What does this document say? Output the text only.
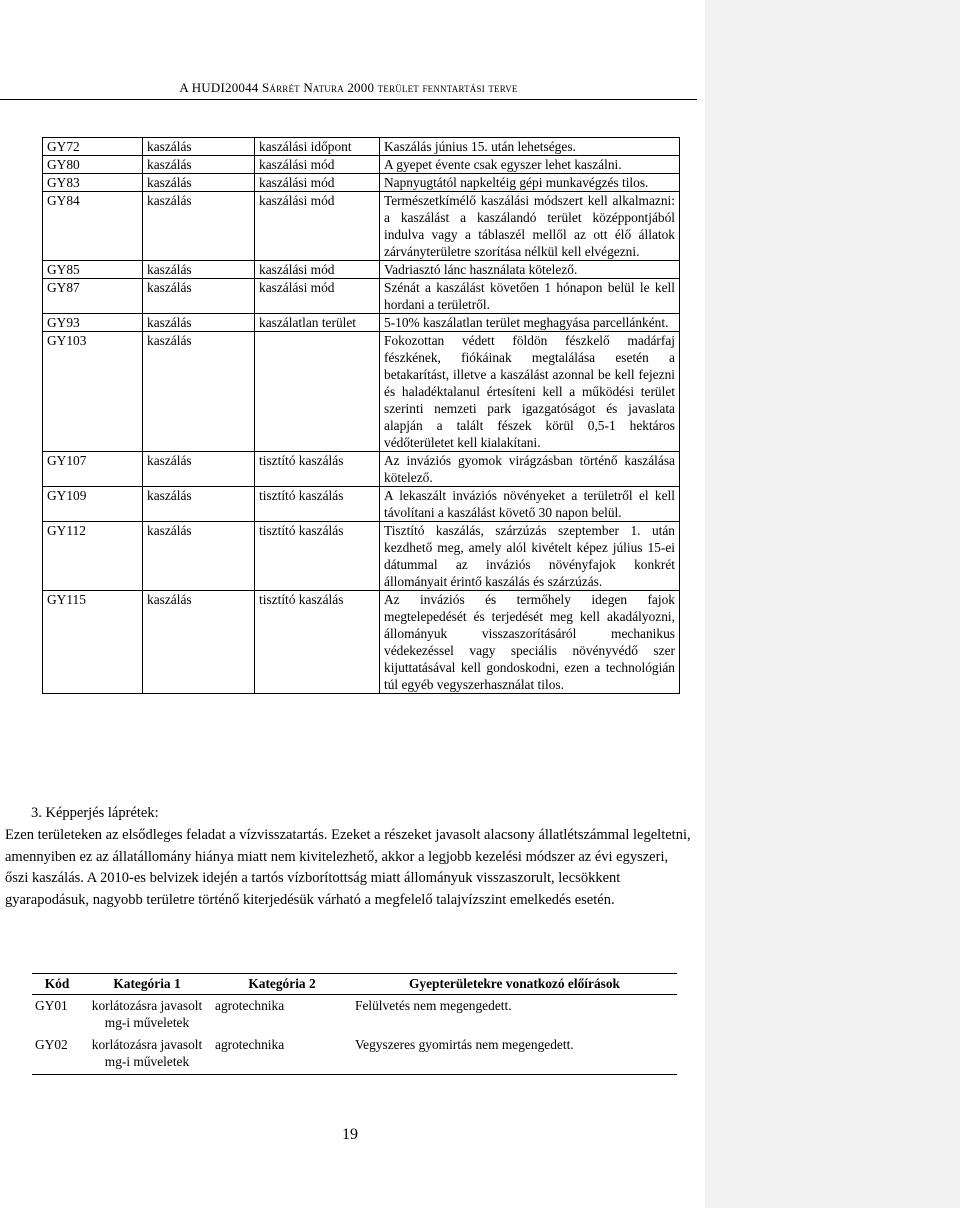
A HUDI20044 Sárrét Natura 2000 terület fenntartási terve
GY72	kaszálás	kaszálási időpont	Kaszálás június 15. után lehetséges.
GY80	kaszálás	kaszálási mód	A gyepet évente csak egyszer lehet kaszálni.
GY83	kaszálás	kaszálási mód	Napnyugtától napkeltéig gépi munkavégzés tilos.
GY84	kaszálás	kaszálási mód	Természetkímélő kaszálási módszert kell alkalmazni: a kaszálást a kaszálandó terület középpontjából indulva vagy a táblaszél mellől az ott élő állatok zárványterületre szorítása nélkül kell elvégezni.
GY85	kaszálás	kaszálási mód	Vadriasztó lánc használata kötelező.
GY87	kaszálás	kaszálási mód	Szénát a kaszálást követően 1 hónapon belül le kell hordani a területről.
GY93	kaszálás	kaszálatlan terület	5-10% kaszálatlan terület meghagyása parcellánként.
GY103	kaszálás		Fokozottan védett földön fészkelő madárfaj fészkének, fiókáinak megtalálása esetén a betakarítást, illetve a kaszálást azonnal be kell fejezni és haladéktalanul értesíteni kell a működési terület szerinti nemzeti park igazgatóságot és javaslata alapján a talált fészek körül 0,5-1 hektáros védőterületet kell kialakítani.
GY107	kaszálás	tisztító kaszálás	Az inváziós gyomok virágzásban történő kaszálása kötelező.
GY109	kaszálás	tisztító kaszálás	A lekaszált inváziós növényeket a területről el kell távolítani a kaszálást követő 30 napon belül.
GY112	kaszálás	tisztító kaszálás	Tisztító kaszálás, szárzúzás szeptember 1. után kezdhető meg, amely alól kivételt képez július 15-ei dátummal az inváziós növényfajok konkrét állományait érintő kaszálás és szárzúzás.
GY115	kaszálás	tisztító kaszálás	Az inváziós és termőhely idegen fajok megtelepedését és terjedését meg kell akadályozni, állományuk visszaszorításáról mechanikus védekezéssel vagy speciális növényvédő szer kijuttatásával kell gondoskodni, ezen a technológián túl egyéb vegyszerhasználat tilos.
3. Képperjés láprétek:
Ezen területeken az elsődleges feladat a vízvisszatartás. Ezeket a részeket javasolt alacsony állatlétszámmal legeltetni, amennyiben ez az állatállomány hiánya miatt nem kivitelezhető, akkor a legjobb kezelési módszer az évi egyszeri, őszi kaszálás. A 2010-es belvizek idején a tartós vízborítottság miatt állományuk visszaszorult, lecsökkent gyarapodásuk, nagyobb területre történő kiterjedésük várható a megfelelő talajvízszint emelkedés esetén.
Kód	Kategória 1	Kategória 2	Gyepterületekre vonatkozó előírások
GY01	korlátozásra javasolt mg-i műveletek	agrotechnika	Felülvetés nem megengedett.
GY02	korlátozásra javasolt mg-i műveletek	agrotechnika	Vegyszeres gyomirtás nem megengedett.
19
